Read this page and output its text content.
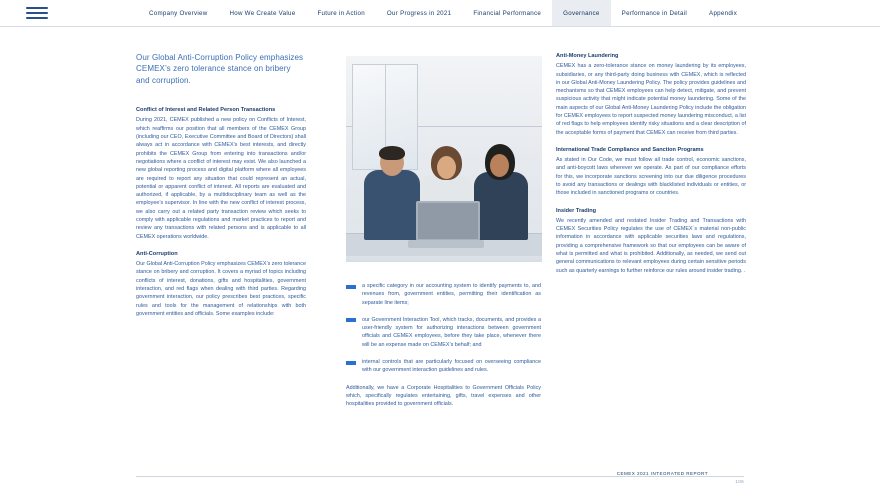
Company Overview	How We Create Value	Future in Action	Our Progress in 2021	Financial Performance	Governance	Performance in Detail	Appendix

Our Global Anti-Corruption Policy emphasizes CEMEX’s zero tolerance stance on bribery and corruption.

Conflict of Interest and Related Person Transactions

During 2021, CEMEX published a new policy on Conflicts of Interest, which reaffirms our position that all members of the CEMEX Group (including our CEO, Executive Committee and Board of Directors) shall always act in accordance with CEMEX’s best interests, and directly prohibits the CEMEX Group from entering into transactions and/or negotiations where a conflict of interest may exist. We also launched a new global reporting process and digital platform where all employees are required to report any situation that could represent an actual, potential or apparent conflict of interest. All reports are evaluated and authorized, if applicable, by a multidisciplinary team as well as the employee’s supervisor. In line with the new conflict of interest process, we also carry out a related party transaction review which seeks to comply with applicable regulations and market practices to report and review any transactions with related persons and is applicable to all CEMEX operations worldwide.

Anti-Corruption

Our Global Anti-Corruption Policy emphasizes CEMEX’s zero tolerance stance on bribery and corruption. It covers a myriad of topics including conflicts of interest, donations, gifts and hospitalities, government interaction, and red flags when dealing with third parties. Regarding government interaction, our policy prescribes best practices, specific rules and tools for the management of relationships with both government entities and officials. Some examples include:

a specific category in our accounting system to identify payments to, and revenues from, government entities, permitting their identification as separate line items;
our Government Interaction Tool, which tracks, documents, and provides a user-friendly system for authorizing interactions between government officials and CEMEX employees, before they take place, whenever there will be an expense made on CEMEX’s behalf; and
internal controls that are particularly focused on overseeing compliance with our government interaction guidelines and rules.

Additionally, we have a Corporate Hospitalities to Government Officials Policy which, specifically regulates entertaining, gifts, travel expenses and other hospitalities provided to government officials.

Anti-Money Laundering

CEMEX has a zero-tolerance stance on money laundering by its employees, subsidiaries, or any third-party doing business with CEMEX, which is reflected in our Global Anti-Money Laundering Policy. The policy provides guidelines and mechanisms so that CEMEX employees can help detect, mitigate, and prevent suspicious activity that might indicate potential money laundering. Some of the main aspects of our Global Anti-Money Laundering Policy include the obligation for CEMEX employees to report suspected money laundering misconduct, a list of red flags to help employees identify risky situations and a clear description of the acceptable forms of payment that CEMEX can receive from third parties.

International Trade Compliance and Sanction Programs

As stated in Our Code, we must follow all trade control, economic sanctions, and anti-boycott laws wherever we operate. As part of our compliance efforts for this, we incorporate sanctions screening into our due diligence procedures to avoid any transactions or dealings with blacklisted individuals or entities, or those included in sanctioned programs or countries.

Insider Trading

We recently amended and restated Insider Trading and Transactions with CEMEX Securities Policy regulates the use of CEMEX´s material non-public information in accordance with applicable securities laws and regulations, providing a comprehensive framework so that our employees can be aware of what is permitted and what is prohibited. Additionally, as needed, we send out general communications to relevant employees during certain sensitive periods such as quarterly earnings to further reinforce our rules around insider trading. .

CEMEX 2021 INTEGRATED REPORT
106
